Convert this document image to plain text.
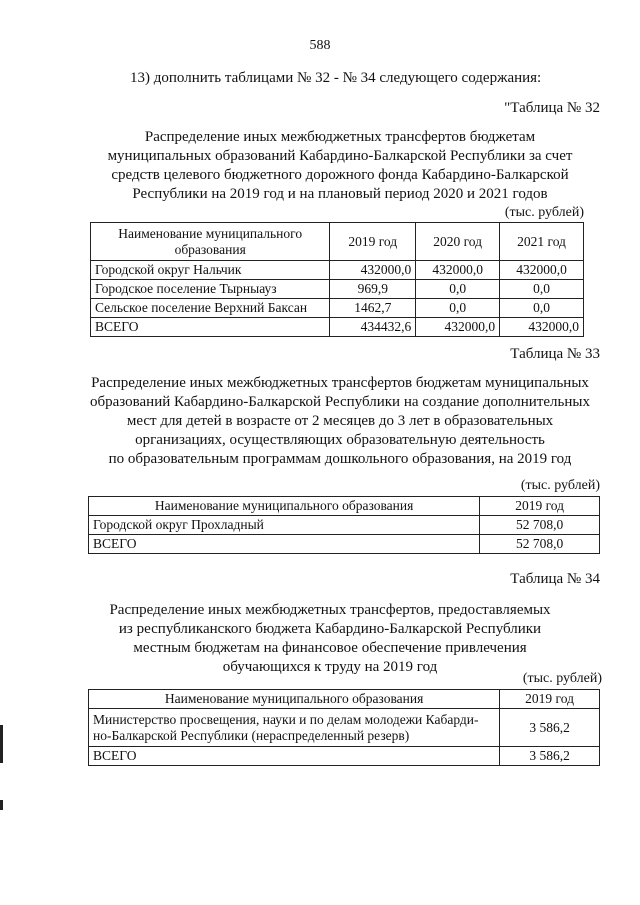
588
13) дополнить таблицами № 32 - № 34 следующего содержания:
"Таблица № 32
Распределение иных межбюджетных трансфертов бюджетам
муниципальных образований Кабардино-Балкарской Республики за счет
средств целевого бюджетного дорожного фонда Кабардино-Балкарской
Республики на 2019 год и на плановый период 2020 и 2021 годов
(тыс. рублей)
Наименование муниципального образования	2019 год	2020 год	2021 год
Городской округ Нальчик	432000,0	432000,0	432000,0
Городское поселение Тырныауз	969,9	0,0	0,0
Сельское поселение Верхний Баксан	1462,7	0,0	0,0
ВСЕГО	434432,6	432000,0	432000,0
Таблица № 33
Распределение иных межбюджетных трансфертов бюджетам муниципальных
образований Кабардино-Балкарской Республики на создание дополнительных
мест для детей в возрасте от 2 месяцев до 3 лет в образовательных
организациях, осуществляющих образовательную деятельность
по образовательным программам дошкольного образования, на 2019 год
(тыс. рублей)
Наименование муниципального образования	2019 год
Городской округ Прохладный	52 708,0
ВСЕГО	52 708,0
Таблица № 34
Распределение иных межбюджетных трансфертов, предоставляемых
из республиканского бюджета Кабардино-Балкарской Республики
местным бюджетам на финансовое обеспечение привлечения
обучающихся к труду на 2019 год
(тыс. рублей)
Наименование муниципального образования	2019 год
Министерство просвещения, науки и по делам молодежи Кабарди-но-Балкарской Республики (нераспределенный резерв)	3 586,2
ВСЕГО	3 586,2
